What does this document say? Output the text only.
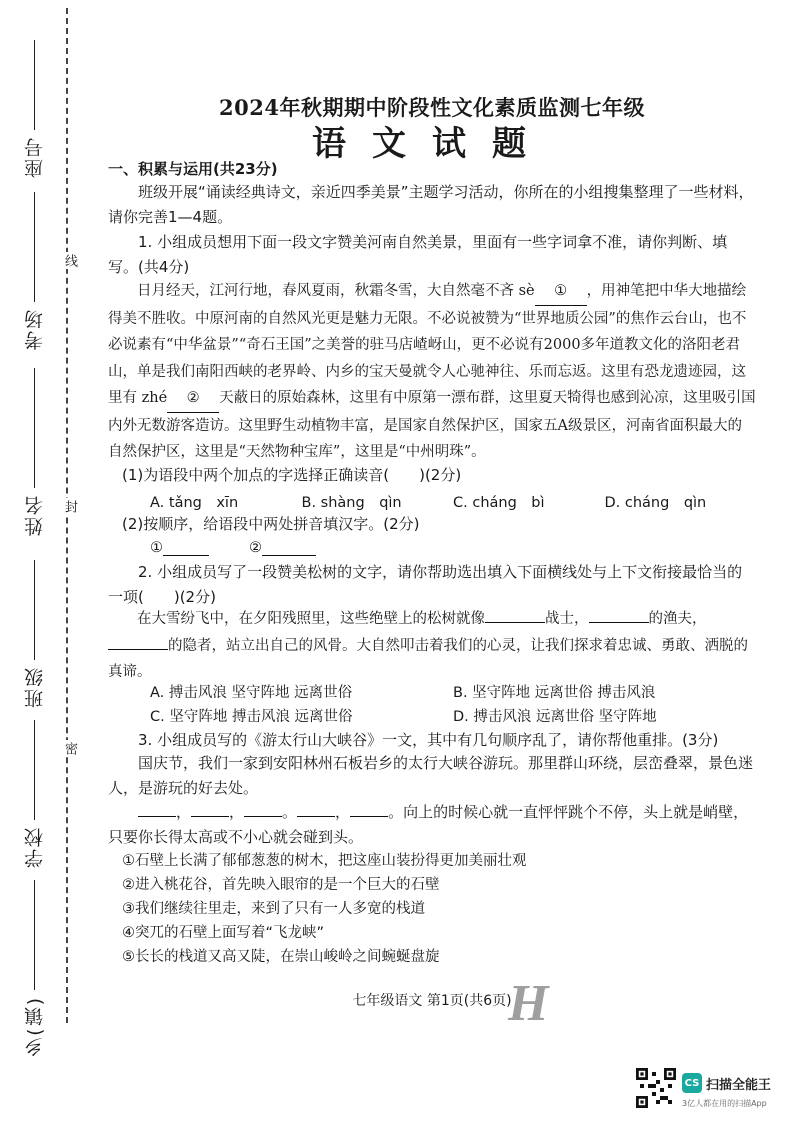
座号
考场
姓名
班级
学校
乡(镇)
线
封
密
2024年秋期期中阶段性文化素质监测七年级
语文试题
一、积累与运用(共23分)

班级开展“诵读经典诗文，亲近四季美景”主题学习活动，你所在的小组搜集整理了一些材料，请你完善1—4题。

1. 小组成员想用下面一段文字赞美河南自然美景，里面有一些字词拿不准，请你判断、填写。(共4分)

日月经天，江河行地，春风夏雨，秋霜冬雪，大自然毫不吝 sè ① ，用神笔把中华大地描绘得美不胜收。中原河南的自然风光更是魅力无限。不必说被赞为“世界地质公园”的焦作云台山，也不必说素有“中华盆景”“奇石王国”之美誉的驻马店嵖岈山，更不必说有2000多年道教文化的洛阳老君山，单是我们南阳西峡的老界岭、内乡的宝天曼就令人心驰神往、乐而忘返。这里有恐龙遗迹园，这里有 zhé ② 天蔽日的原始森林，这里有中原第一漂布群，这里夏天犄得也感到沁凉，这里吸引国内外无数游客造访。这里野生动植物丰富，是国家自然保护区，国家五A级景区，河南省面积最大的自然保护区，这里是“天然物种宝库”，这里是“中州明珠”。

(1)为语段中两个加点的字选择正确读音(　　)(2分)

A. tǎng　xīn	B. shàng　qìn	C. cháng　bì	D. cháng　qìn

(2)按顺序，给语段中两处拼音填汉字。(2分)

①	②

2. 小组成员写了一段赞美松树的文字，请你帮助选出填入下面横线处与上下文衔接最恰当的一项(　　)(2分)

在大雪纷飞中，在夕阳残照里，这些绝壁上的松树就像	战士，	的渔夫，的隐者，站立出自己的风骨。大自然叩击着我们的心灵，让我们探求着忠诚、勇敢、洒脱的真谛。

A. 搏击风浪 坚守阵地 远离世俗	B. 坚守阵地 远离世俗 搏击风浪
C. 坚守阵地 搏击风浪 远离世俗	D. 搏击风浪 远离世俗 坚守阵地

3. 小组成员写的《游太行山大峡谷》一文，其中有几句顺序乱了，请你帮他重排。(3分)

国庆节，我们一家到安阳林州石板岩乡的太行大峡谷游玩。那里群山环绕，层峦叠翠，景色迷人，是游玩的好去处。

，	，	。	，	。向上的时候心就一直怦怦跳个不停，头上就是峭壁，只要你长得太高或不小心就会碰到头。

①石壁上长满了郁郁葱葱的树木，把这座山装扮得更加美丽壮观
②进入桃花谷，首先映入眼帘的是一个巨大的石壁
③我们继续往里走，来到了只有一人多宽的栈道
④突兀的石壁上面写着“飞龙峡”
⑤长长的栈道又高又陡，在崇山峻岭之间蜿蜒盘旋
七年级语文 第1页(共6页)
H
CS 扫描全能王
3亿人都在用的扫描App
